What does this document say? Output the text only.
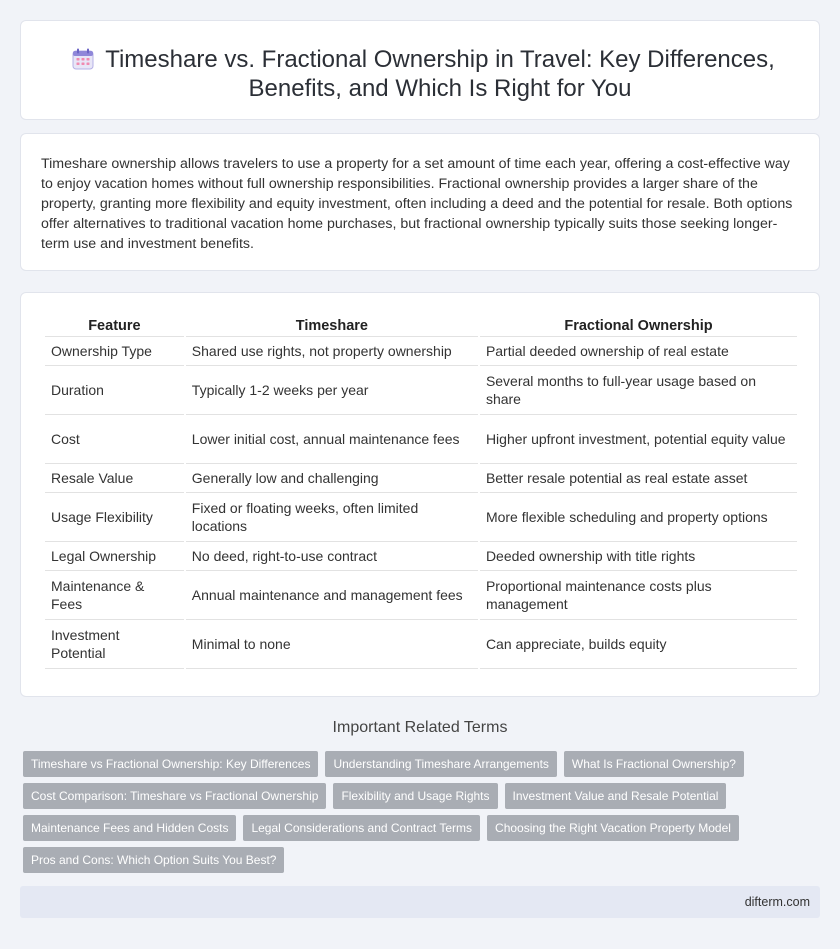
Timeshare vs. Fractional Ownership in Travel: Key Differences, Benefits, and Which Is Right for You

Timeshare ownership allows travelers to use a property for a set amount of time each year, offering a cost-effective way to enjoy vacation homes without full ownership responsibilities. Fractional ownership provides a larger share of the property, granting more flexibility and equity investment, often including a deed and the potential for resale. Both options offer alternatives to traditional vacation home purchases, but fractional ownership typically suits those seeking longer-term use and investment benefits.

Feature	Timeshare	Fractional Ownership
Ownership Type	Shared use rights, not property ownership	Partial deeded ownership of real estate
Duration	Typically 1-2 weeks per year	Several months to full-year usage based on share
Cost	Lower initial cost, annual maintenance fees	Higher upfront investment, potential equity value
Resale Value	Generally low and challenging	Better resale potential as real estate asset
Usage Flexibility	Fixed or floating weeks, often limited locations	More flexible scheduling and property options
Legal Ownership	No deed, right-to-use contract	Deeded ownership with title rights
Maintenance & Fees	Annual maintenance and management fees	Proportional maintenance costs plus management
Investment Potential	Minimal to none	Can appreciate, builds equity
Important Related Terms
Timeshare vs Fractional Ownership: Key Differences	Understanding Timeshare Arrangements	What Is Fractional Ownership?
Cost Comparison: Timeshare vs Fractional Ownership	Flexibility and Usage Rights	Investment Value and Resale Potential
Maintenance Fees and Hidden Costs	Legal Considerations and Contract Terms	Choosing the Right Vacation Property Model
Pros and Cons: Which Option Suits You Best?
difterm.com
